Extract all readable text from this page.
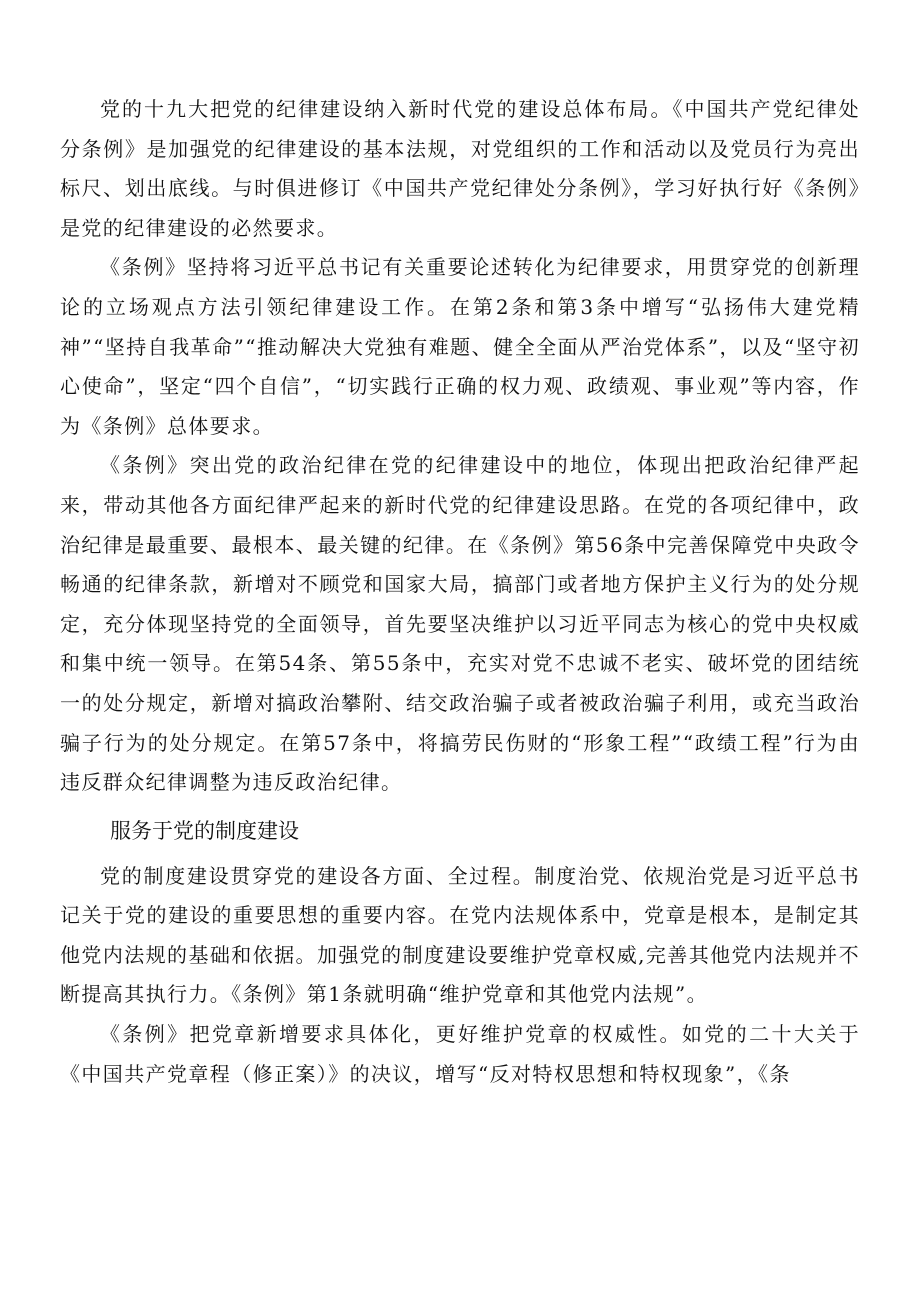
党的十九大把党的纪律建设纳入新时代党的建设总体布局。《中国共产党纪律处分条例》是加强党的纪律建设的基本法规，对党组织的工作和活动以及党员行为亮出标尺、划出底线。与时俱进修订《中国共产党纪律处分条例》，学习好执行好《条例》是党的纪律建设的必然要求。

《条例》坚持将习近平总书记有关重要论述转化为纪律要求，用贯穿党的创新理论的立场观点方法引领纪律建设工作。在第2条和第3条中增写“弘扬伟大建党精神”“坚持自我革命”“推动解决大党独有难题、健全全面从严治党体系”，以及“坚守初心使命”，坚定“四个自信”，“切实践行正确的权力观、政绩观、事业观”等内容，作为《条例》总体要求。

《条例》突出党的政治纪律在党的纪律建设中的地位，体现出把政治纪律严起来，带动其他各方面纪律严起来的新时代党的纪律建设思路。在党的各项纪律中，政治纪律是最重要、最根本、最关键的纪律。在《条例》第56条中完善保障党中央政令畅通的纪律条款，新增对不顾党和国家大局，搞部门或者地方保护主义行为的处分规定，充分体现坚持党的全面领导，首先要坚决维护以习近平同志为核心的党中央权威和集中统一领导。在第54条、第55条中，充实对党不忠诚不老实、破坏党的团结统一的处分规定，新增对搞政治攀附、结交政治骗子或者被政治骗子利用，或充当政治骗子行为的处分规定。在第57条中，将搞劳民伤财的“形象工程”“政绩工程”行为由违反群众纪律调整为违反政治纪律。

服务于党的制度建设

党的制度建设贯穿党的建设各方面、全过程。制度治党、依规治党是习近平总书记关于党的建设的重要思想的重要内容。在党内法规体系中，党章是根本，是制定其他党内法规的基础和依据。加强党的制度建设要维护党章权威,完善其他党内法规并不断提高其执行力。《条例》第1条就明确“维护党章和其他党内法规”。

《条例》把党章新增要求具体化，更好维护党章的权威性。如党的二十大关于《中国共产党章程（修正案）》的决议，增写“反对特权思想和特权现象”，《条
